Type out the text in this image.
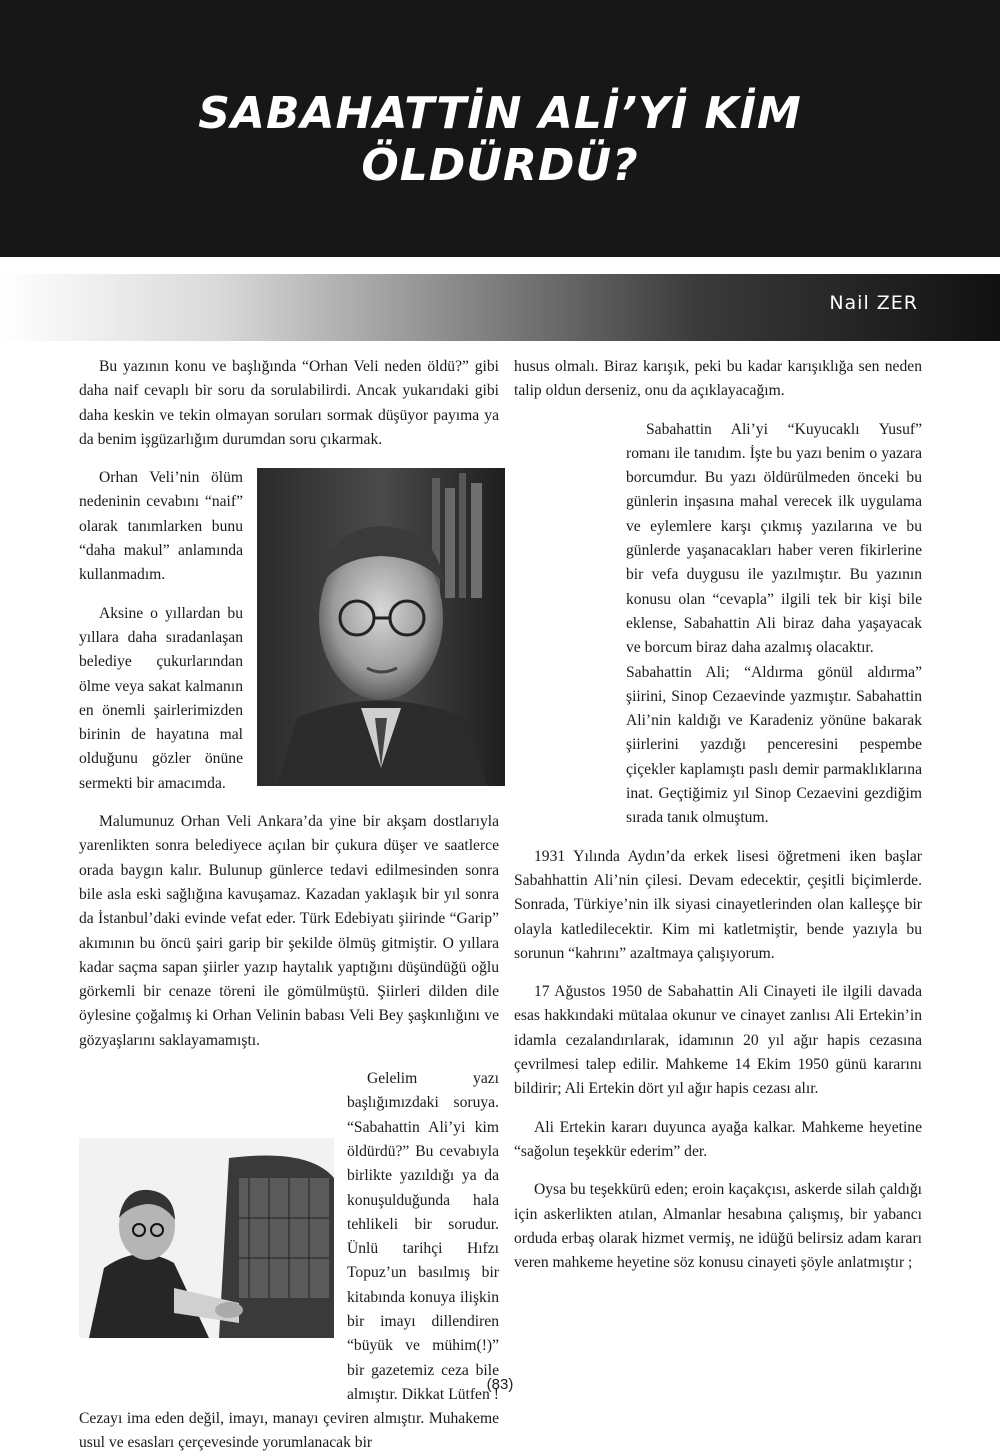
SABAHATTİN ALİ’Yİ KİM
ÖLDÜRDÜ?
Nail ZER

Bu yazının konu ve başlığında “Orhan Veli neden öldü?” gibi daha naif cevaplı bir soru da sorulabilirdi. Ancak yukarıdaki gibi daha keskin ve tekin olmayan soruları sormak düşüyor payıma ya da benim işgüzarlığım durumdan soru çıkarmak.

Orhan Veli’nin ölüm nedeninin cevabını “naif” olarak tanımlarken bunu “daha makul” anlamında kullanmadım.

Aksine o yıllardan bu yıllara daha sıradanlaşan belediye çukurlarından ölme veya sakat kalmanın en önemli şairlerimizden birinin de hayatına mal olduğunu gözler önüne sermekti bir amacımda.

Malumunuz Orhan Veli Ankara’da yine bir akşam dostlarıyla yarenlikten sonra belediyece açılan bir çukura düşer ve saatlerce orada baygın kalır. Bulunup günlerce tedavi edilmesinden sonra bile asla eski sağlığına kavuşamaz. Kazadan yaklaşık bir yıl sonra da İstanbul’daki evinde vefat eder. Türk Edebiyatı şiirinde “Garip” akımının bu öncü şairi garip bir şekilde ölmüş gitmiştir. O yıllara kadar saçma sapan şiirler yazıp haytalık yaptığını düşündüğü oğlu görkemli bir cenaze töreni ile gömülmüştü. Şiirleri dilden dile öylesine çoğalmış ki Orhan Velinin babası Veli Bey şaşkınlığını ve gözyaşlarını saklayamamıştı.

Gelelim yazı başlığımızdaki soruya. “Sabahattin Ali’yi kim öldürdü?” Bu cevabıyla birlikte yazıldığı ya da konuşulduğunda hala tehlikeli bir sorudur. Ünlü tarihçi Hıfzı Topuz’un basılmış bir kitabında konuya ilişkin bir imayı dillendiren “büyük ve mühim(!)” bir gazetemiz ceza bile almıştır. Dikkat Lütfen ! Cezayı ima eden değil, imayı, manayı çeviren almıştır. Muhakeme usul ve esasları çerçevesinde yorumlanacak bir

husus olmalı. Biraz karışık, peki bu kadar karışıklığa sen neden talip oldun derseniz, onu da açıklayacağım.

Sabahattin Ali’yi “Kuyucaklı Yusuf” romanı ile tanıdım. İşte bu yazı benim o yazara borcumdur. Bu yazı öldürülmeden önceki bu günlerin inşasına mahal verecek ilk uygulama ve eylemlere karşı çıkmış yazılarına ve bu günlerde yaşanacakları haber veren fikirlerine bir vefa duygusu ile yazılmıştır. Bu yazının konusu olan “cevapla” ilgili tek bir kişi bile eklense, Sabahattin Ali biraz daha yaşayacak ve borcum biraz daha azalmış olacaktır.

Sabahattin Ali; “Aldırma gönül aldırma” şiirini, Sinop Cezaevinde yazmıştır. Sabahattin Ali’nin kaldığı ve Karadeniz yönüne bakarak şiirlerini yazdığı penceresini pespembe çiçekler kaplamıştı paslı demir parmaklıklarına inat. Geçtiğimiz yıl Sinop Cezaevini gezdiğim sırada tanık olmuştum.

1931 Yılında Aydın’da erkek lisesi öğretmeni iken başlar Sabahhattin Ali’nin çilesi. Devam edecektir, çeşitli biçimlerde. Sonrada, Türkiye’nin ilk siyasi cinayetlerinden olan kalleşçe bir olayla katledilecektir. Kim mi katletmiştir, bende yazıyla bu sorunun “kahrını” azaltmaya çalışıyorum.

17 Ağustos 1950 de Sabahattin Ali Cinayeti ile ilgili davada esas hakkındaki mütalaa okunur ve cinayet zanlısı Ali Ertekin’in idamla cezalandırılarak, idamının 20 yıl ağır hapis cezasına çevrilmesi talep edilir. Mahkeme 14 Ekim 1950 günü kararını bildirir; Ali Ertekin dört yıl ağır hapis cezası alır.

Ali Ertekin kararı duyunca ayağa kalkar. Mahkeme heyetine “sağolun teşekkür ederim” der.

Oysa bu teşekkürü eden; eroin kaçakçısı, askerde silah çaldığı için askerlikten atılan, Almanlar hesabına çalışmış, bir yabancı orduda erbaş olarak hizmet vermiş, ne idüğü belirsiz adam kararı veren mahkeme heyetine söz konusu cinayeti şöyle anlatmıştır ;

(83)
